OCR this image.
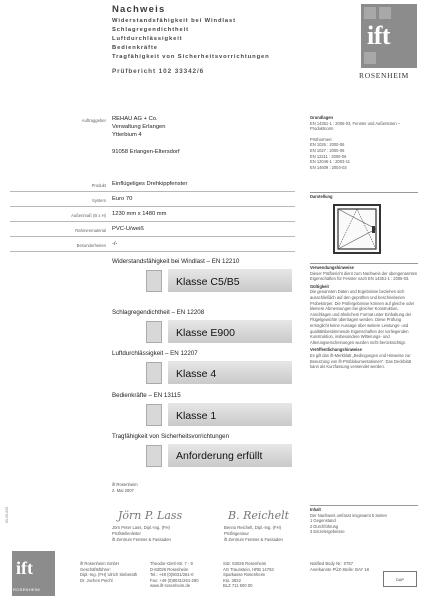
Nachweis
Widerstandsfähigkeit bei Windlast
Schlagregendichtheit
Luftdurchlässigkeit
Bedienkräfte
Tragfähigkeit von Sicherheitsvorrichtungen
Prüfbericht 102 33342/6
ift
ROSENHEIM
Auftraggeber REHAU AG + Co.
Verwaltung Erlangen
Ytterbium 4
91058 Erlangen-Eltersdorf
Produkt Einflügeliges Drehkippfenster
System Euro 70
Außenmaß (B x H) 1230 mm x 1480 mm
Rahmenmaterial PVC-U/weiß
Besonderheiten -/-
Widerstandsfähigkeit bei Windlast – EN 12210
Klasse C5/B5
Schlagregendichtheit – EN 12208
Klasse E900
Luftdurchlässigkeit – EN 12207
Klasse 4
Bedienkräfte – EN 13115
Klasse 1
Tragfähigkeit von Sicherheitsvorrichtungen
Anforderung erfüllt
ift Rosenheim
2. Mai 2007
Jörn P. Lass
Jörn Peter Lass, Dipl.-Ing. (FH)
Prüfstellenleiter
ift Zentrum Fenster & Fassaden
B. Reichelt
Benno Reichelt, Dipl.-Ing. (FH)
Prüfingenieur
ift Zentrum Fenster & Fassaden
Grundlagen
EN 14351-1 : 2006-03, Fenster und Außentüren – Produktnorm
Prüfnormen:
EN 1026 : 2000-06
EN 1027 : 2000-06
EN 12211 : 2000-06
EN 12046-1 : 2003-11
EN 14609 : 2004-03
Darstellung
Verwendungshinweise
Dieser Prüfbericht dient zum Nachweis der obengenannten Eigenschaften für Fenster nach EN 14351-1 : 2006-03.
Gültigkeit
Die genannten Daten und Ergebnisse beziehen sich ausschließlich auf den geprüften und beschriebenen Probekörper. Die Prüfergebnisse können auf gleiche oder kleinere Abmessungen bei gleicher Konstruktion, Anschlägen und ähnlichem Format unter Einhaltung der Flügelgewichte übertragen werden. Diese Prüfung ermöglicht keine Aussage über weitere Leistungs- und qualitätsbestimmende Eigenschaften der vorliegenden Konstruktion, insbesondere Witterungs- und Alterungserscheinungen wurden nicht berücksichtigt.
Veröffentlichungshinweise
Es gilt das ift-Merkblatt „Bedingungen und Hinweise zur Benutzung von ift-Prüfdokumentationen“. Das Deckblatt kann als Kurzfassung verwendet werden.
Inhalt
Der Nachweis umfasst insgesamt 5 Seiten
1 Gegenstand
2 Durchführung
3 Einzelergebnisse
60-00-835
ift
ROSENHEIM
ift Rosenheim GmbH
Geschäftsführer:
Dipl.-Ing. (FH) Ulrich Sieberath
Dr. Jochen Peichl
Theodor-Gietl-Str. 7 - 9
D-83026 Rosenheim
Tel.: +49 (0)8031/261-0
Fax: +49 (0)8031/261-290
www.ift-rosenheim.de
Sitz: 83026 Rosenheim
AG Traunstein, HRB 14763
Sparkasse Rosenheim
Kto. 3822
BLZ 711 500 00
Notified Body Nr.: 0757
Anerkannte PÜZ-Stelle: BAY 18
DAP
